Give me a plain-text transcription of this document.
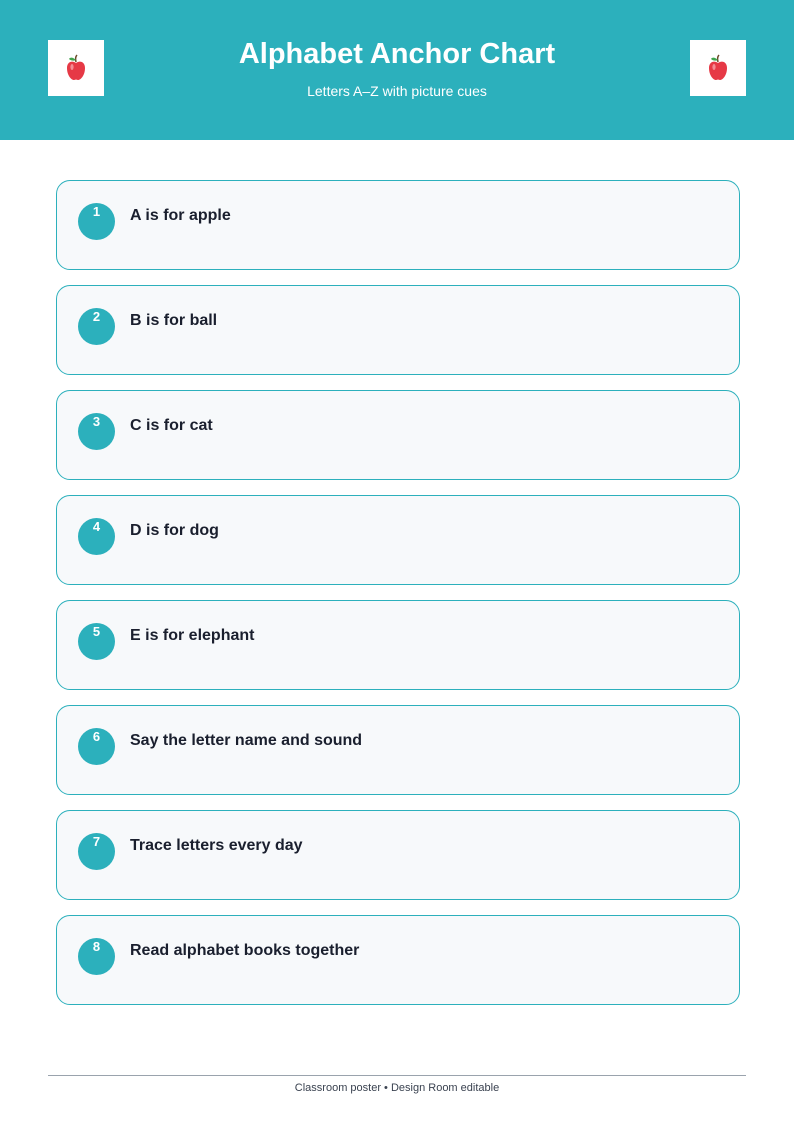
Alphabet Anchor Chart
Letters A–Z with picture cues
1	A is for apple
2	B is for ball
3	C is for cat
4	D is for dog
5	E is for elephant
6	Say the letter name and sound
7	Trace letters every day
8	Read alphabet books together
Classroom poster • Design Room editable
